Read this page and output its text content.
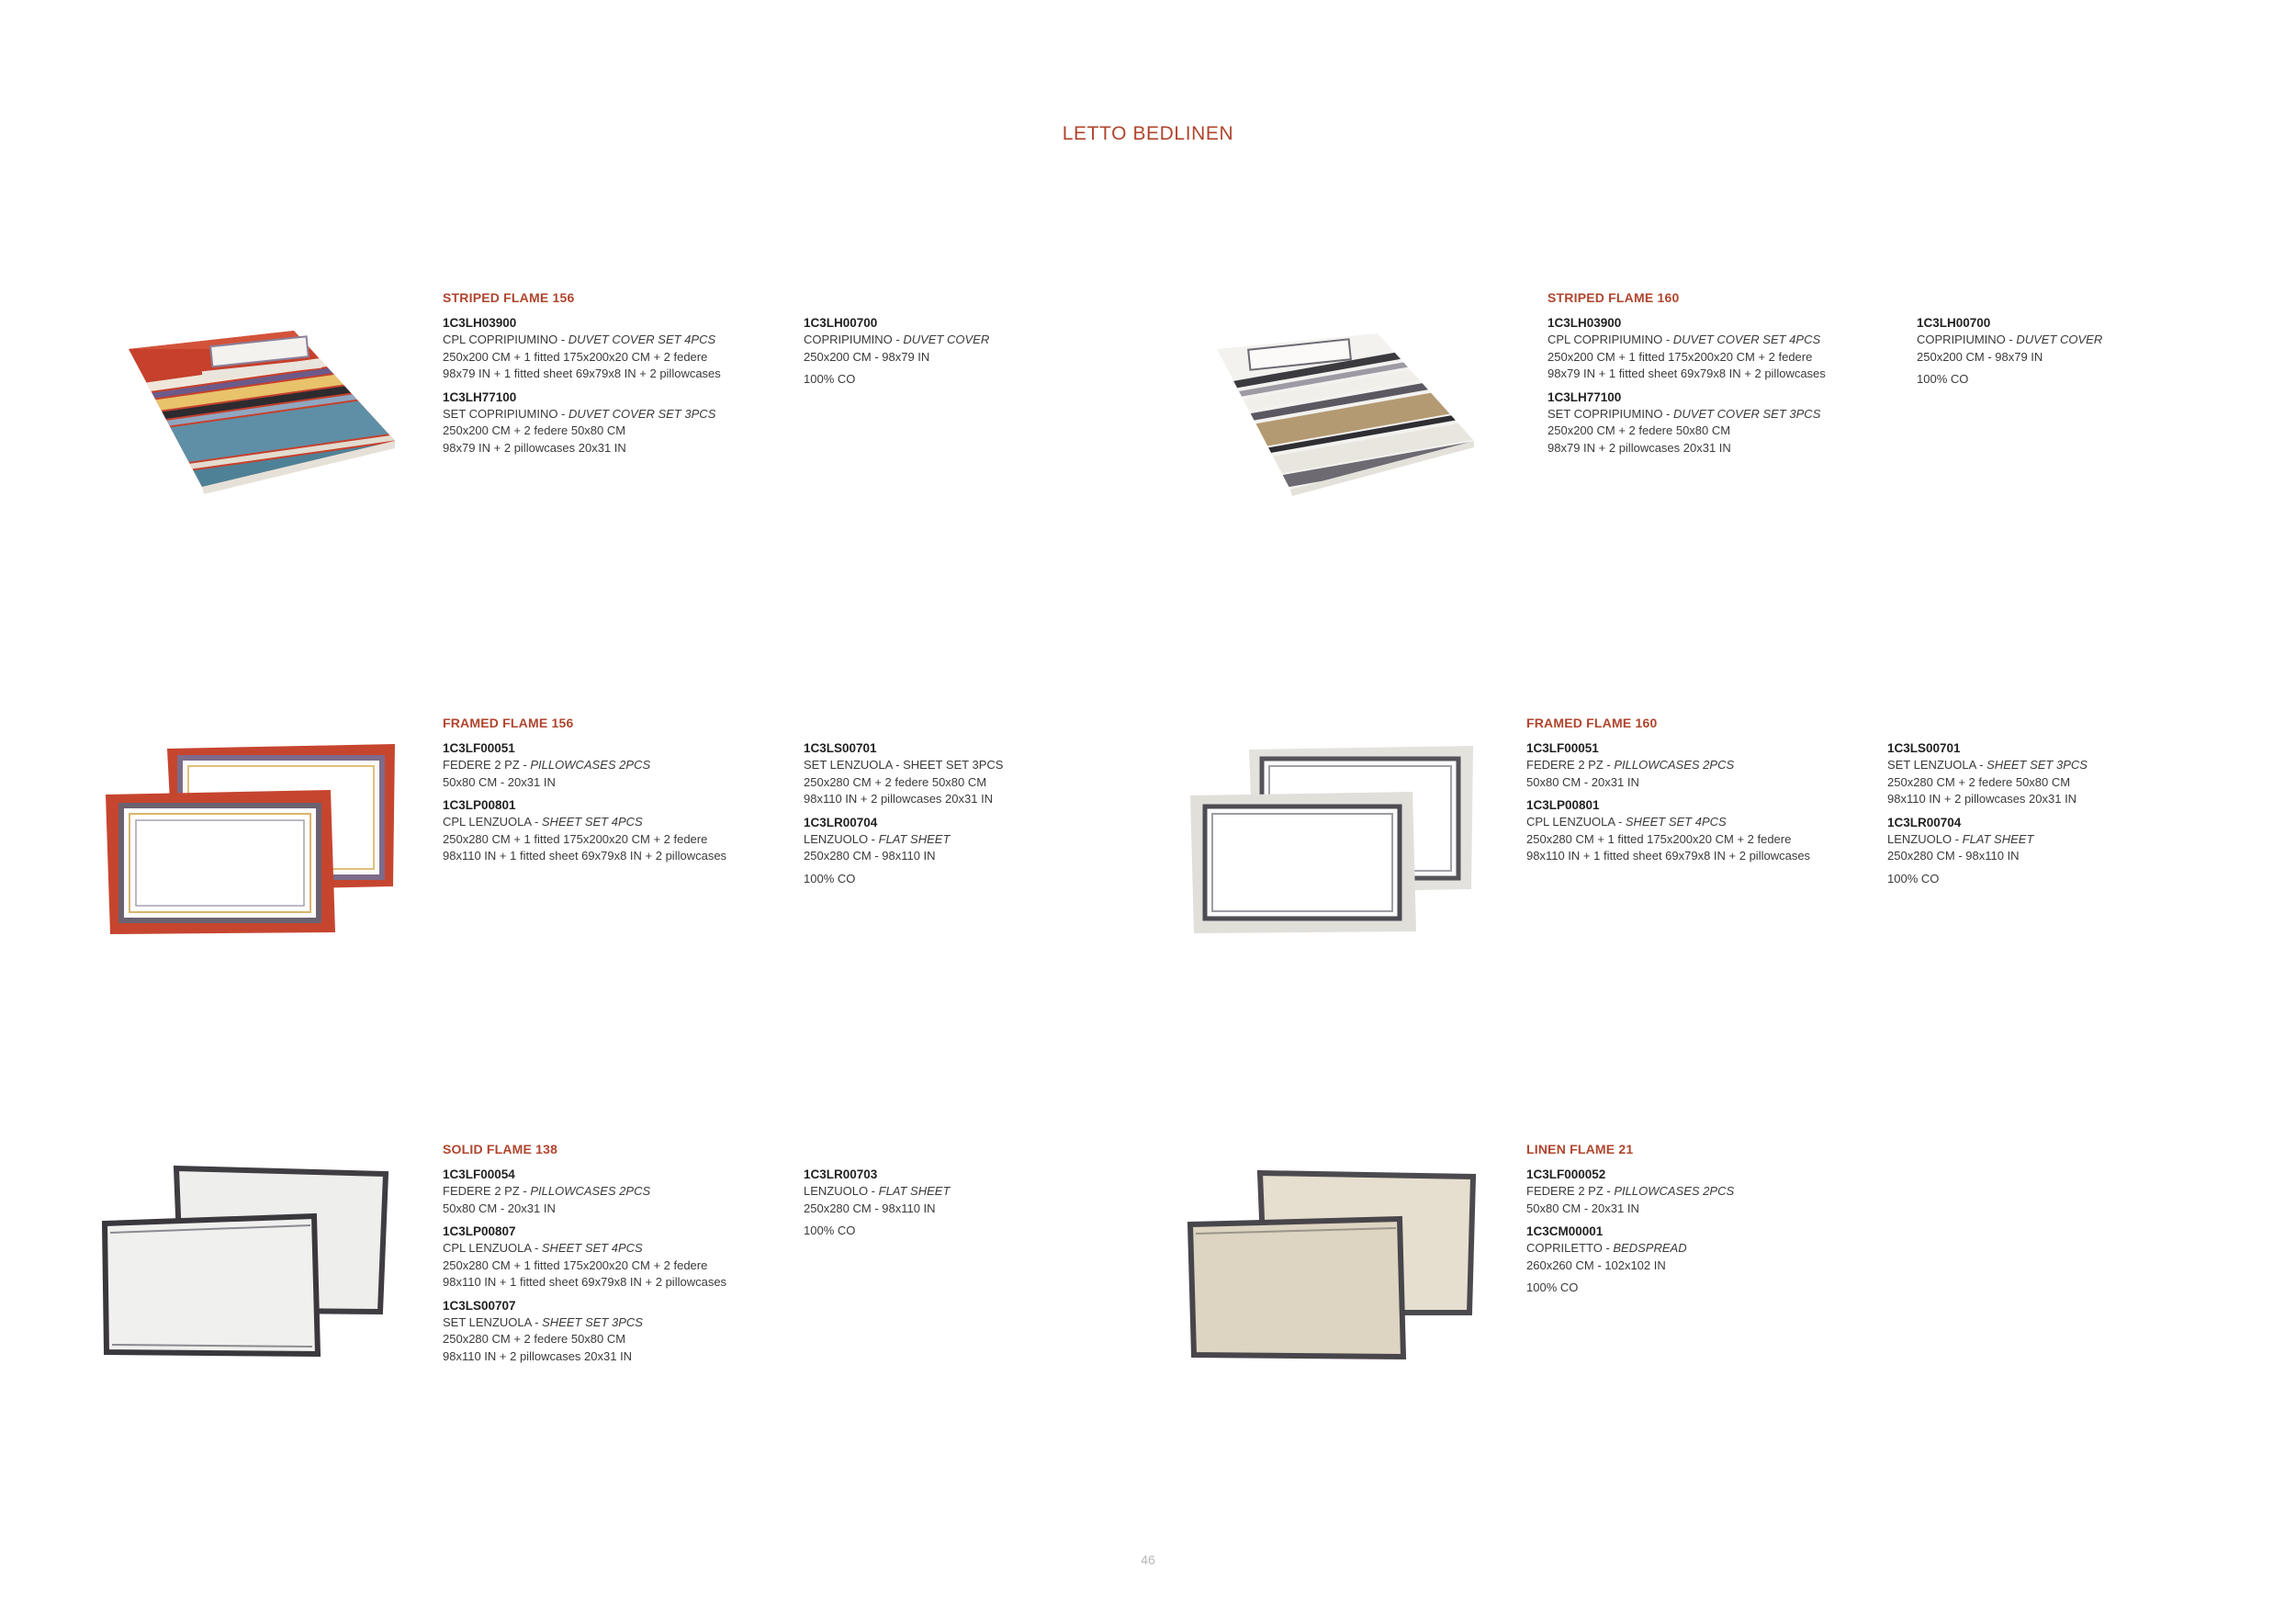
LETTO BEDLINEN
STRIPED FLAME 156
1C3LH03900
CPL COPRIPIUMINO - DUVET COVER SET 4PCS
250x200 CM + 1 fitted 175x200x20 CM + 2 federe
98x79 IN + 1 fitted sheet 69x79x8 IN + 2 pillowcases
1C3LH77100
SET COPRIPIUMINO - DUVET COVER SET 3PCS
250x200 CM + 2 federe 50x80 CM
98x79 IN + 2 pillowcases 20x31 IN
1C3LH00700
COPRIPIUMINO - DUVET COVER
250x200 CM - 98x79 IN
100% CO
STRIPED FLAME 160
1C3LH03900
CPL COPRIPIUMINO - DUVET COVER SET 4PCS
250x200 CM + 1 fitted 175x200x20 CM + 2 federe
98x79 IN + 1 fitted sheet 69x79x8 IN + 2 pillowcases
1C3LH77100
SET COPRIPIUMINO - DUVET COVER SET 3PCS
250x200 CM + 2 federe 50x80 CM
98x79 IN + 2 pillowcases 20x31 IN
1C3LH00700
COPRIPIUMINO - DUVET COVER
250x200 CM - 98x79 IN
100% CO
FRAMED FLAME 156
1C3LF00051
FEDERE 2 PZ - PILLOWCASES 2PCS
50x80 CM - 20x31 IN
1C3LP00801
CPL LENZUOLA - SHEET SET 4PCS
250x280 CM + 1 fitted 175x200x20 CM + 2 federe
98x110 IN + 1 fitted sheet 69x79x8 IN + 2 pillowcases
1C3LS00701
SET LENZUOLA - SHEET SET 3PCS
250x280 CM + 2 federe 50x80 CM
98x110 IN + 2 pillowcases 20x31 IN
1C3LR00704
LENZUOLO - FLAT SHEET
250x280 CM - 98x110 IN
100% CO
FRAMED FLAME 160
1C3LF00051
FEDERE 2 PZ - PILLOWCASES 2PCS
50x80 CM - 20x31 IN
1C3LP00801
CPL LENZUOLA - SHEET SET 4PCS
250x280 CM + 1 fitted 175x200x20 CM + 2 federe
98x110 IN + 1 fitted sheet 69x79x8 IN + 2 pillowcases
1C3LS00701
SET LENZUOLA - SHEET SET 3PCS
250x280 CM + 2 federe 50x80 CM
98x110 IN + 2 pillowcases 20x31 IN
1C3LR00704
LENZUOLO - FLAT SHEET
250x280 CM - 98x110 IN
100% CO
SOLID FLAME 138
1C3LF00054
FEDERE 2 PZ - PILLOWCASES 2PCS
50x80 CM - 20x31 IN
1C3LP00807
CPL LENZUOLA - SHEET SET 4PCS
250x280 CM + 1 fitted 175x200x20 CM + 2 federe
98x110 IN + 1 fitted sheet 69x79x8 IN + 2 pillowcases
1C3LS00707
SET LENZUOLA - SHEET SET 3PCS
250x280 CM + 2 federe 50x80 CM
98x110 IN + 2 pillowcases 20x31 IN
1C3LR00703
LENZUOLO - FLAT SHEET
250x280 CM - 98x110 IN
100% CO
LINEN FLAME 21
1C3LF000052
FEDERE 2 PZ - PILLOWCASES 2PCS
50x80 CM - 20x31 IN
1C3CM00001
COPRILETTO - BEDSPREAD
260x260 CM - 102x102 IN
100% CO
46
